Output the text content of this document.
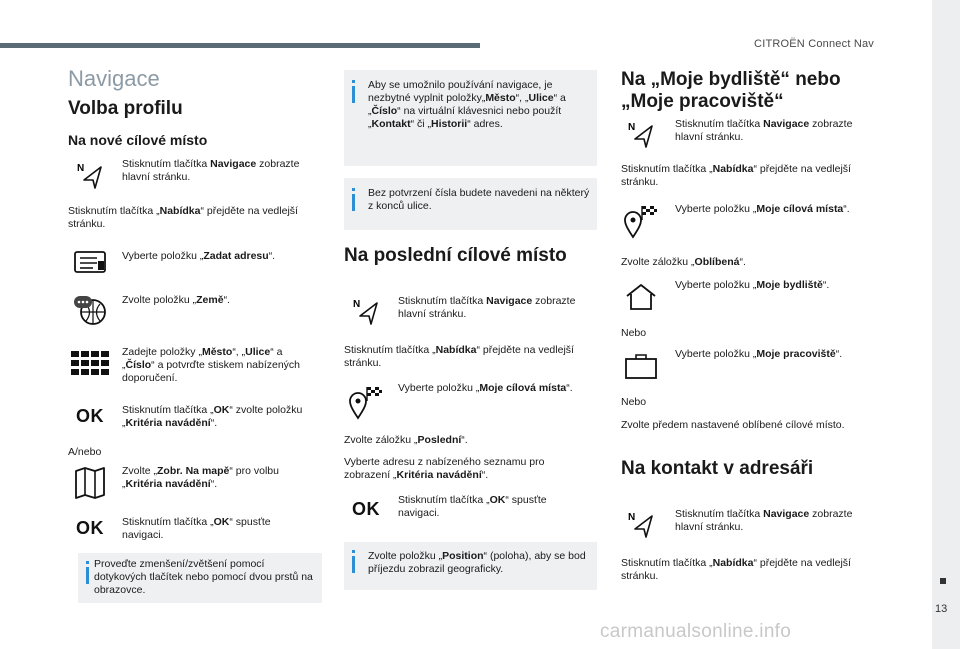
CITROËN Connect Nav
13
Navigace
Volba profilu
Na nové cílové místo
N	Stisknutím tlačítka Navigace zobrazte hlavní stránku.
Stisknutím tlačítka „Nabídka“ přejděte na vedlejší stránku.
Vyberte položku „Zadat adresu“.
Zvolte položku „Země“.
Zadejte položky „Město“, „Ulice“ a „Číslo“ a potvrďte stiskem nabízených doporučení.
OK	Stisknutím tlačítka „OK“ zvolte položku „Kritéria navádění“.
A/nebo
Zvolte „Zobr. Na mapě“ pro volbu „Kritéria navádění“.
OK	Stisknutím tlačítka „OK“ spusťte navigaci.
Proveďte zmenšení/zvětšení pomocí dotykových tlačítek nebo pomocí dvou prstů na obrazovce.
Aby se umožnilo používání navigace, je nezbytné vyplnit položky„Město“, „Ulice“ a „Číslo“ na virtuální klávesnici nebo použít „Kontakt“ či „Historii“ adres.
Bez potvrzení čísla budete navedeni na některý z konců ulice.
Na poslední cílové místo
N	Stisknutím tlačítka Navigace zobrazte hlavní stránku.
Stisknutím tlačítka „Nabídka“ přejděte na vedlejší stránku.
Vyberte položku „Moje cílová místa“.
Zvolte záložku „Poslední“.
Vyberte adresu z nabízeného seznamu pro zobrazení „Kritéria navádění“.
OK	Stisknutím tlačítka „OK“ spusťte navigaci.
Zvolte položku „Position“ (poloha), aby se bod příjezdu zobrazil geograficky.
Na „Moje bydliště“ nebo „Moje pracoviště“
N	Stisknutím tlačítka Navigace zobrazte hlavní stránku.
Stisknutím tlačítka „Nabídka“ přejděte na vedlejší stránku.
Vyberte položku „Moje cílová místa“.
Zvolte záložku „Oblíbená“.
Vyberte položku „Moje bydliště“.
Nebo
Vyberte položku „Moje pracoviště“.
Nebo
Zvolte předem nastavené oblíbené cílové místo.
Na kontakt v adresáři
N	Stisknutím tlačítka Navigace zobrazte hlavní stránku.
Stisknutím tlačítka „Nabídka“ přejděte na vedlejší stránku.
carmanualsonline.info
